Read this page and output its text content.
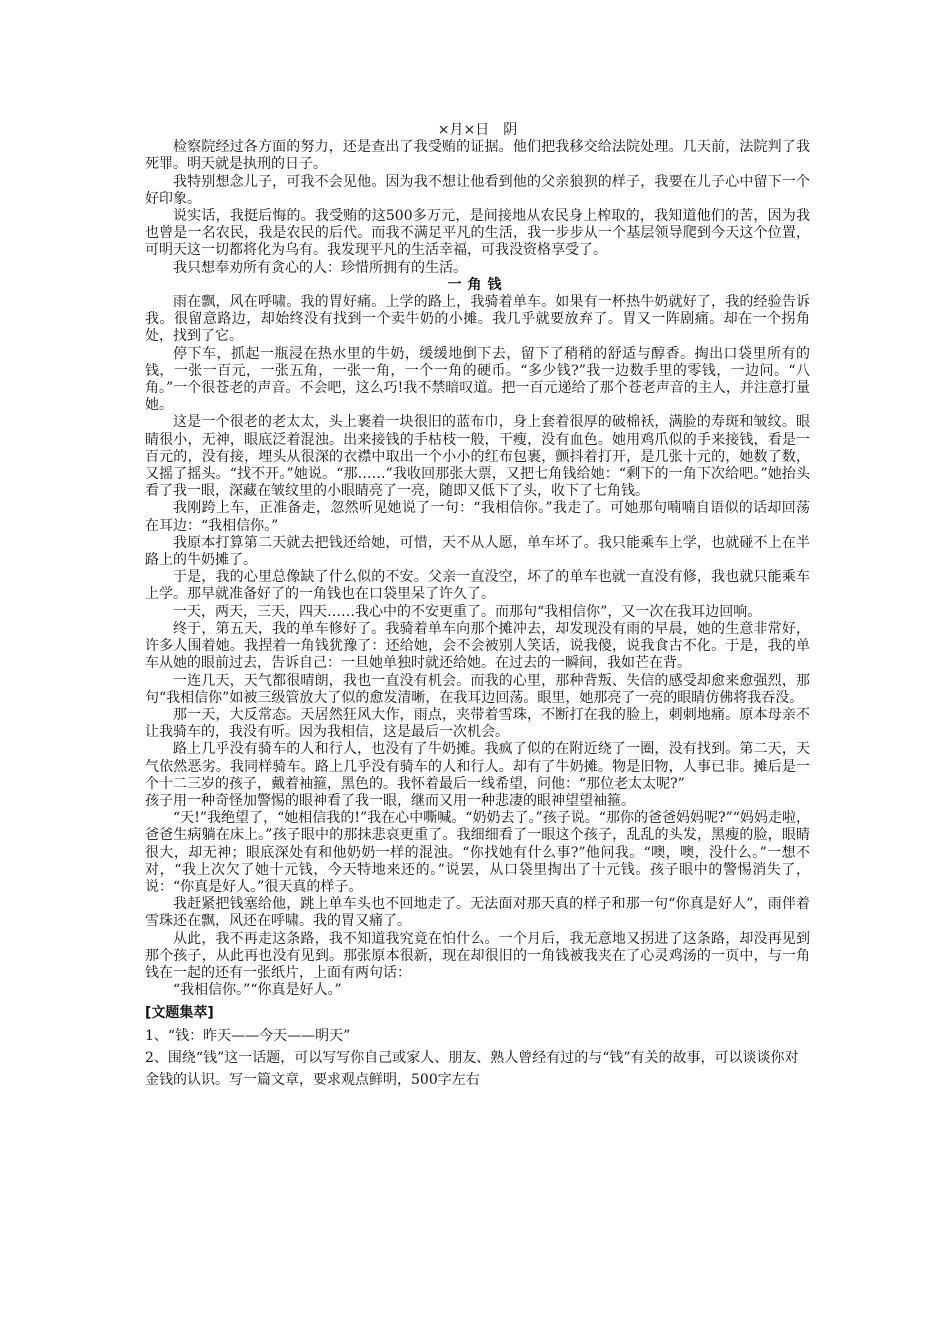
×月×日　阴

检察院经过各方面的努力，还是查出了我受贿的证据。他们把我移交给法院处理。几天前，法院判了我死罪。明天就是执刑的日子。

我特别想念儿子，可我不会见他。因为我不想让他看到他的父亲狼狈的样子，我要在儿子心中留下一个好印象。

说实话，我挺后悔的。我受贿的这500多万元，是间接地从农民身上榨取的，我知道他们的苦，因为我也曾是一名农民，我是农民的后代。而我不满足平凡的生活，我一步步从一个基层领导爬到今天这个位置，可明天这一切都将化为乌有。我发现平凡的生活幸福，可我没资格享受了。

我只想奉劝所有贪心的人：珍惜所拥有的生活。

一角钱

雨在飘，风在呼啸。我的胃好痛。上学的路上，我骑着单车。如果有一杯热牛奶就好了，我的经验告诉我。很留意路边，却始终没有找到一个卖牛奶的小摊。我几乎就要放弃了。胃又一阵剧痛。却在一个拐角处，找到了它。

停下车，抓起一瓶浸在热水里的牛奶，缓缓地倒下去，留下了稍稍的舒适与醇香。掏出口袋里所有的钱，一张一百元，一张五角，一张一角，一个一角的硬币。“多少钱?”我一边数手里的零钱，一边问。“八角。”一个很苍老的声音。不会吧，这么巧!我不禁暗叹道。把一百元递给了那个苍老声音的主人，并注意打量她。

这是一个很老的老太太，头上裹着一块很旧的蓝布巾，身上套着很厚的破棉袄，满脸的寿斑和皱纹。眼睛很小，无神，眼底泛着混浊。出来接钱的手枯枝一般，干瘦，没有血色。她用鸡爪似的手来接钱，看是一百元的，没有接，埋头从很深的衣襟中取出一个小小的红布包裹，颤抖着打开，是几张十元的，她数了数，又摇了摇头。“找不开。”她说。“那……”我收回那张大票，又把七角钱给她：“剩下的一角下次给吧。”她抬头看了我一眼，深藏在皱纹里的小眼睛亮了一亮，随即又低下了头，收下了七角钱。

我刚跨上车，正准备走，忽然听见她说了一句：“我相信你。”我走了。可她那句喃喃自语似的话却回荡在耳边：“我相信你。”

我原本打算第二天就去把钱还给她，可惜，天不从人愿，单车坏了。我只能乘车上学，也就碰不上在半路上的牛奶摊了。

于是，我的心里总像缺了什么似的不安。父亲一直没空，坏了的单车也就一直没有修，我也就只能乘车上学。那早就准备好了的一角钱也在口袋里呆了许久了。

一天，两天，三天，四天……我心中的不安更重了。而那句“我相信你”，又一次在我耳边回响。

终于，第五天，我的单车修好了。我骑着单车向那个摊冲去，却发现没有雨的早晨，她的生意非常好，许多人围着她。我捏着一角钱犹豫了：还给她，会不会被别人笑话，说我傻，说我食古不化。于是，我的单车从她的眼前过去，告诉自己：一旦她单独时就还给她。在过去的一瞬间，我如芒在背。

一连几天，天气都很晴朗，我也一直没有机会。而我的心里，那种背叛、失信的感受却愈来愈强烈，那句“我相信你”如被三级管放大了似的愈发清晰，在我耳边回荡。眼里，她那亮了一亮的眼睛仿佛将我吞没。

那一天，大反常态。天居然狂风大作，雨点，夹带着雪珠，不断打在我的脸上，刺刺地痛。原本母亲不让我骑车的，我没有听。因为我相信，这是最后一次机会。

路上几乎没有骑车的人和行人，也没有了牛奶摊。我疯了似的在附近绕了一圈，没有找到。第二天，天气依然恶劣。我同样骑车。路上几乎没有骑车的人和行人。却有了牛奶摊。物是旧物，人事已非。摊后是一个十二三岁的孩子，戴着袖箍，黑色的。我怀着最后一线希望，问他：“那位老太太呢?”

孩子用一种奇怪加警惕的眼神看了我一眼，继而又用一种悲凄的眼神望望袖箍。

“天!”我绝望了，“她相信我的!”我在心中嘶喊。“奶奶去了。”孩子说。“那你的爸爸妈妈呢?”“妈妈走啦，爸爸生病躺在床上。”孩子眼中的那抹悲哀更重了。我细细看了一眼这个孩子，乱乱的头发，黑瘦的脸，眼睛很大，却无神；眼底深处有和他奶奶一样的混浊。“你找她有什么事?”他问我。“噢，噢，没什么。”一想不对，“我上次欠了她十元钱，今天特地来还的。”说罢，从口袋里掏出了十元钱。孩子眼中的警惕消失了，说：“你真是好人。”很天真的样子。

我赶紧把钱塞给他，跳上单车头也不回地走了。无法面对那天真的样子和那一句“你真是好人”，雨伴着雪珠还在飘，风还在呼啸。我的胃又痛了。

从此，我不再走这条路，我不知道我究竟在怕什么。一个月后，我无意地又拐进了这条路，却没再见到那个孩子，从此再也没有见到。那张原本很新，现在却很旧的一角钱被我夹在了心灵鸡汤的一页中，与一角钱在一起的还有一张纸片，上面有两句话：

“我相信你。”“你真是好人。”

[文题集萃]

1、“钱：昨天——今天——明天”

2、围绕“钱”这一话题，可以写写你自己或家人、朋友、熟人曾经有过的与“钱”有关的故事，可以谈谈你对金钱的认识。写一篇文章，要求观点鲜明，500字左右
